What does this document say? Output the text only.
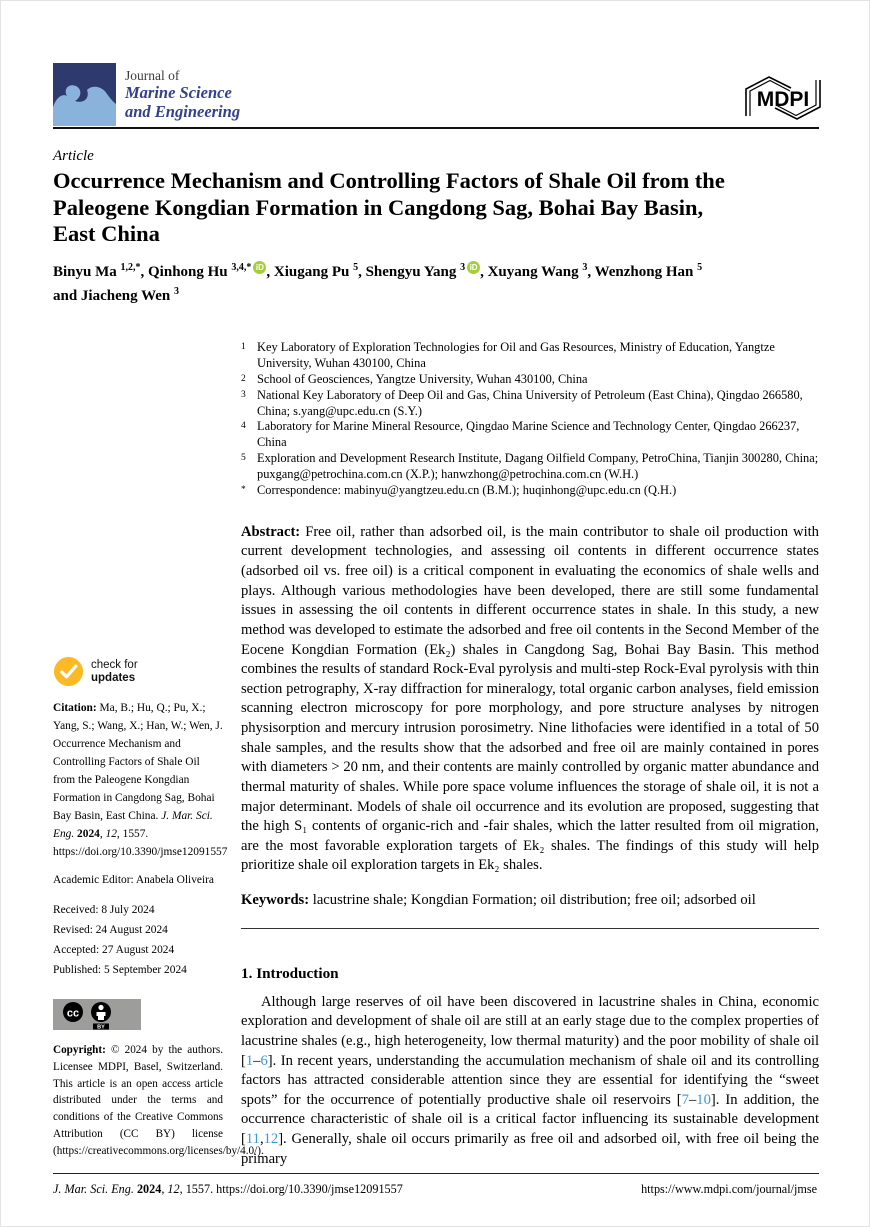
Journal of
Marine Science
and Engineering
MDPI
Article
Occurrence Mechanism and Controlling Factors of Shale Oil from the Paleogene Kongdian Formation in Cangdong Sag, Bohai Bay Basin, East China
Binyu Ma $^{1,2,*}$, Qinhong Hu $^{3,4,*}$ iD , Xiugang Pu $^5$, Shengyu Yang $^3$ iD , Xuyang Wang $^3$, Wenzhong Han $^5$ and Jiacheng Wen $^3$
1 Key Laboratory of Exploration Technologies for Oil and Gas Resources, Ministry of Education, Yangtze University, Wuhan 430100, China
2 School of Geosciences, Yangtze University, Wuhan 430100, China
3 National Key Laboratory of Deep Oil and Gas, China University of Petroleum (East China), Qingdao 266580, China; s.yang@upc.edu.cn (S.Y.)
4 Laboratory for Marine Mineral Resource, Qingdao Marine Science and Technology Center, Qingdao 266237, China
5 Exploration and Development Research Institute, Dagang Oilfield Company, PetroChina, Tianjin 300280, China; puxgang@petrochina.com.cn (X.P.); hanwzhong@petrochina.com.cn (W.H.)
* Correspondence: mabinyu@yangtzeu.edu.cn (B.M.); huqinhong@upc.edu.cn (Q.H.)

Abstract: Free oil, rather than adsorbed oil, is the main contributor to shale oil production with current development technologies, and assessing oil contents in different occurrence states (adsorbed oil vs. free oil) is a critical component in evaluating the economics of shale wells and plays. Although various methodologies have been developed, there are still some fundamental issues in assessing the oil contents in different occurrence states in shale. In this study, a new method was developed to estimate the adsorbed and free oil contents in the Second Member of the Eocene Kongdian Formation (Ek₂) shales in Cangdong Sag, Bohai Bay Basin. This method combines the results of standard Rock-Eval pyrolysis and multi-step Rock-Eval pyrolysis with thin section petrography, X-ray diffraction for mineralogy, total organic carbon analyses, field emission scanning electron microscopy for pore morphology, and pore structure analyses by nitrogen physisorption and mercury intrusion porosimetry. Nine lithofacies were identified in a total of 50 shale samples, and the results show that the adsorbed and free oil are mainly contained in pores with diameters > 20 nm, and their contents are mainly controlled by organic matter abundance and thermal maturity of shales. While pore space volume influences the storage of shale oil, it is not a major determinant. Models of shale oil occurrence and its evolution are proposed, suggesting that the high S₁ contents of organic-rich and -fair shales, which the latter resulted from oil migration, are the most favorable exploration targets of Ek₂ shales. The findings of this study will help prioritize shale oil exploration targets in Ek₂ shales.

Keywords: lacustrine shale; Kongdian Formation; oil distribution; free oil; adsorbed oil

1. Introduction

Although large reserves of oil have been discovered in lacustrine shales in China, economic exploration and development of shale oil are still at an early stage due to the complex properties of lacustrine shales (e.g., high heterogeneity, low thermal maturity) and the poor mobility of shale oil [1–6]. In recent years, understanding the accumulation mechanism of shale oil and its controlling factors has attracted considerable attention since they are essential for identifying the “sweet spots” for the occurrence of potentially productive shale oil reservoirs [7–10]. In addition, the occurrence characteristic of shale oil is a critical factor influencing its sustainable development [11,12]. Generally, shale oil occurs primarily as free oil and adsorbed oil, with free oil being the primary

check for
updates

Citation: Ma, B.; Hu, Q.; Pu, X.; Yang, S.; Wang, X.; Han, W.; Wen, J. Occurrence Mechanism and Controlling Factors of Shale Oil from the Paleogene Kongdian Formation in Cangdong Sag, Bohai Bay Basin, East China. J. Mar. Sci. Eng. 2024, 12, 1557. https://doi.org/10.3390/jmse12091557

Academic Editor: Anabela Oliveira
Received: 8 July 2024
Revised: 24 August 2024
Accepted: 27 August 2024
Published: 5 September 2024
cc
BY

Copyright: © 2024 by the authors. Licensee MDPI, Basel, Switzerland. This article is an open access article distributed under the terms and conditions of the Creative Commons Attribution (CC BY) license (https://creativecommons.org/licenses/by/4.0/).

J. Mar. Sci. Eng. 2024, 12, 1557. https://doi.org/10.3390/jmse12091557	https://www.mdpi.com/journal/jmse
